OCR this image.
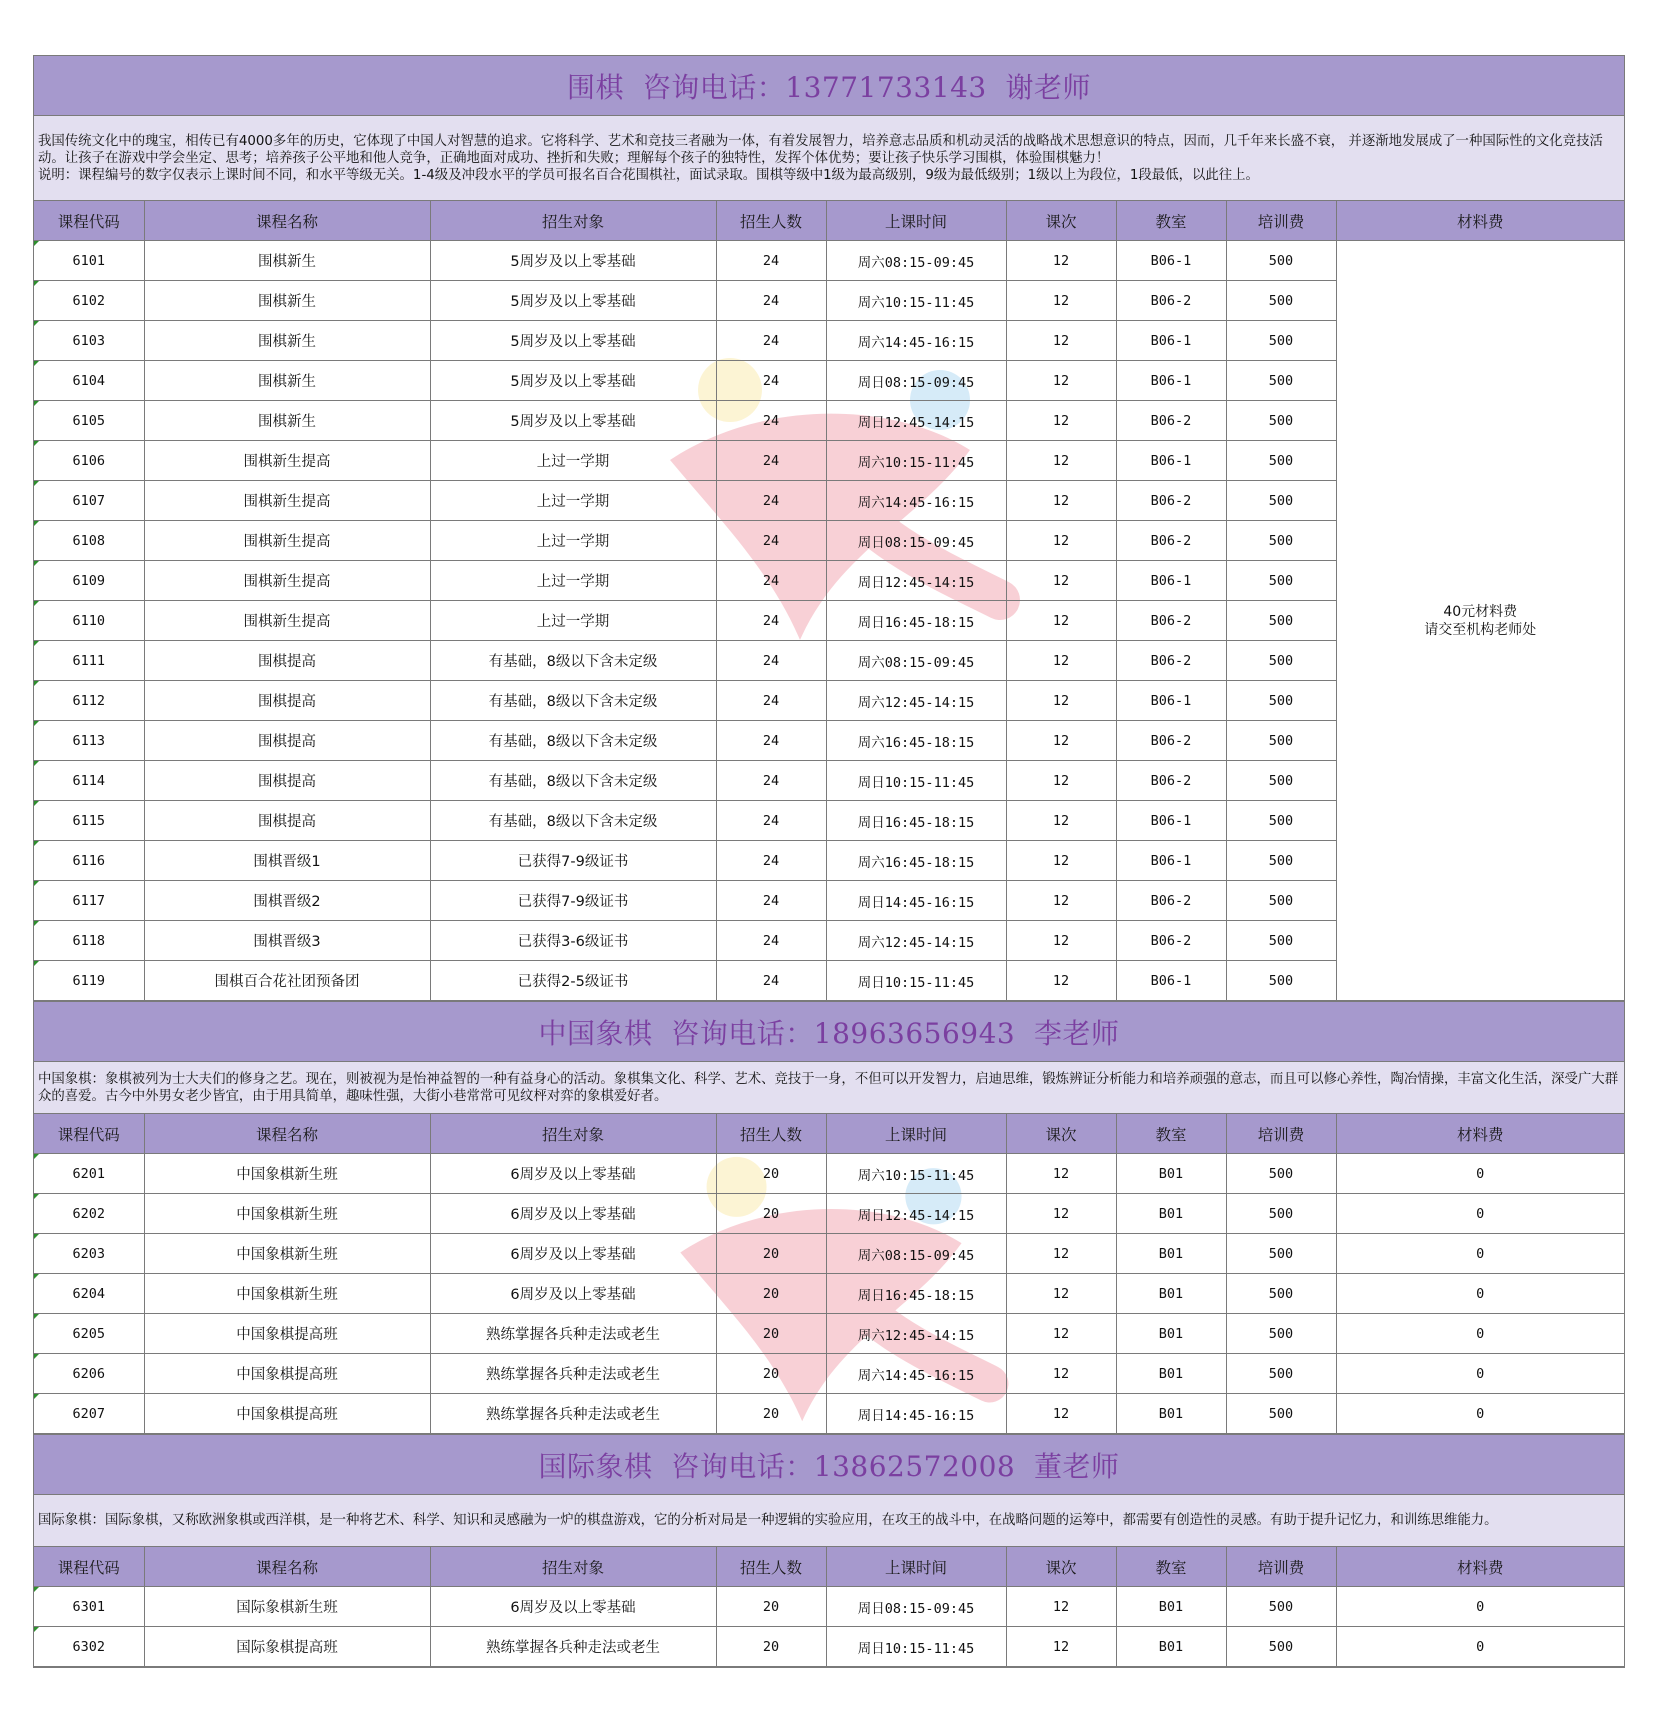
围棋  咨询电话：13771733143  谢老师

我国传统文化中的瑰宝，相传已有4000多年的历史，它体现了中国人对智慧的追求。它将科学、艺术和竞技三者融为一体，有着发展智力，培养意志品质和机动灵活的战略战术思想意识的特点，因而，几千年来长盛不衰， 并逐渐地发展成了一种国际性的文化竞技活动。让孩子在游戏中学会坐定、思考；培养孩子公平地和他人竞争，正确地面对成功、挫折和失败；理解每个孩子的独特性，发挥个体优势；要让孩子快乐学习围棋，体验围棋魅力！

说明：课程编号的数字仅表示上课时间不同，和水平等级无关。1-4级及冲段水平的学员可报名百合花围棋社，面试录取。围棋等级中1级为最高级别，9级为最低级别；1级以上为段位，1段最低，以此往上。

课程代码	课程名称	招生对象	招生人数	上课时间	课次	教室	培训费	材料费
6101	围棋新生	5周岁及以上零基础	24	周六08:15-09:45	12	B06-1	500	40元材料费
请交至机构老师处
6102	围棋新生	5周岁及以上零基础	24	周六10:15-11:45	12	B06-2	500	
6103	围棋新生	5周岁及以上零基础	24	周六14:45-16:15	12	B06-1	500	
6104	围棋新生	5周岁及以上零基础	24	周日08:15-09:45	12	B06-1	500	
6105	围棋新生	5周岁及以上零基础	24	周日12:45-14:15	12	B06-2	500	
6106	围棋新生提高	上过一学期	24	周六10:15-11:45	12	B06-1	500	
6107	围棋新生提高	上过一学期	24	周六14:45-16:15	12	B06-2	500	
6108	围棋新生提高	上过一学期	24	周日08:15-09:45	12	B06-2	500	
6109	围棋新生提高	上过一学期	24	周日12:45-14:15	12	B06-1	500	
6110	围棋新生提高	上过一学期	24	周日16:45-18:15	12	B06-2	500	
6111	围棋提高	有基础，8级以下含未定级	24	周六08:15-09:45	12	B06-2	500	
6112	围棋提高	有基础，8级以下含未定级	24	周六12:45-14:15	12	B06-1	500	
6113	围棋提高	有基础，8级以下含未定级	24	周六16:45-18:15	12	B06-2	500	
6114	围棋提高	有基础，8级以下含未定级	24	周日10:15-11:45	12	B06-2	500	
6115	围棋提高	有基础，8级以下含未定级	24	周日16:45-18:15	12	B06-1	500	
6116	围棋晋级1	已获得7-9级证书	24	周六16:45-18:15	12	B06-1	500	
6117	围棋晋级2	已获得7-9级证书	24	周日14:45-16:15	12	B06-2	500	
6118	围棋晋级3	已获得3-6级证书	24	周六12:45-14:15	12	B06-2	500	
6119	围棋百合花社团预备团	已获得2-5级证书	24	周日10:15-11:45	12	B06-1	500	
中国象棋  咨询电话：18963656943  李老师

中国象棋：象棋被列为士大夫们的修身之艺。现在，则被视为是怡神益智的一种有益身心的活动。象棋集文化、科学、艺术、竞技于一身，不但可以开发智力，启迪思维，锻炼辨证分析能力和培养顽强的意志，而且可以修心养性，陶冶情操，丰富文化生活，深受广大群众的喜爱。古今中外男女老少皆宜，由于用具简单，趣味性强，大街小巷常常可见纹枰对弈的象棋爱好者。

课程代码	课程名称	招生对象	招生人数	上课时间	课次	教室	培训费	材料费
6201	中国象棋新生班	6周岁及以上零基础	20	周六10:15-11:45	12	B01	500	0
6202	中国象棋新生班	6周岁及以上零基础	20	周日12:45-14:15	12	B01	500	0
6203	中国象棋新生班	6周岁及以上零基础	20	周六08:15-09:45	12	B01	500	0
6204	中国象棋新生班	6周岁及以上零基础	20	周日16:45-18:15	12	B01	500	0
6205	中国象棋提高班	熟练掌握各兵种走法或老生	20	周六12:45-14:15	12	B01	500	0
6206	中国象棋提高班	熟练掌握各兵种走法或老生	20	周六14:45-16:15	12	B01	500	0
6207	中国象棋提高班	熟练掌握各兵种走法或老生	20	周日14:45-16:15	12	B01	500	0
国际象棋  咨询电话：13862572008  董老师

国际象棋：国际象棋，又称欧洲象棋或西洋棋，是一种将艺术、科学、知识和灵感融为一炉的棋盘游戏，它的分析对局是一种逻辑的实验应用，在攻王的战斗中，在战略问题的运筹中，都需要有创造性的灵感。有助于提升记忆力，和训练思维能力。

课程代码	课程名称	招生对象	招生人数	上课时间	课次	教室	培训费	材料费
6301	国际象棋新生班	6周岁及以上零基础	20	周日08:15-09:45	12	B01	500	0
6302	国际象棋提高班	熟练掌握各兵种走法或老生	20	周日10:15-11:45	12	B01	500	0
